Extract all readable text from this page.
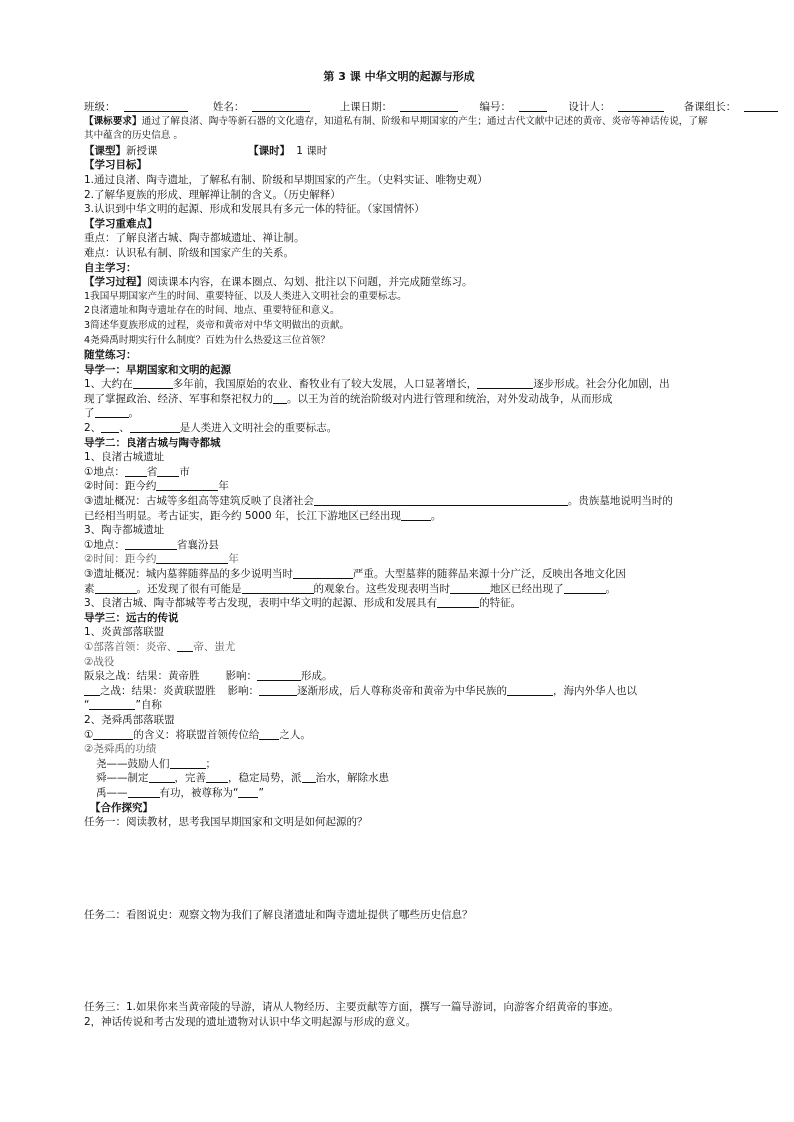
第 3 课 中华文明的起源与形成
班级：	姓名：	上课日期：	编号：	设计人：	备课组长：
【课标要求】通过了解良渚、陶寺等新石器的文化遗存，知道私有制、阶级和早期国家的产生；通过古代文献中记述的黄帝、炎帝等神话传说，了解其中蕴含的历史信息 。
【课型】新授课	【课时】 1 课时
【学习目标】
1.通过良渚、陶寺遗址，了解私有制、阶级和早期国家的产生。（史料实证、唯物史观）
2.了解华夏族的形成、理解禅让制的含义。（历史解释）
3.认识到中华文明的起源、形成和发展具有多元一体的特征。（家国情怀）
【学习重难点】
重点：了解良渚古城、陶寺都城遗址、禅让制。
难点：认识私有制、阶级和国家产生的关系。
自主学习：
【学习过程】阅读课本内容，在课本圈点、勾划、批注以下问题，并完成随堂练习。
1我国早期国家产生的时间、重要特征、以及人类进入文明社会的重要标志。
2良渚遗址和陶寺遗址存在的时间、地点、重要特征和意义。
3简述华夏族形成的过程，炎帝和黄帝对中华文明做出的贡献。
4尧舜禹时期实行什么制度？百姓为什么热爱这三位首领？
随堂练习：
导学一：早期国家和文明的起源
1、大约在	多年前，我国原始的农业、畜牧业有了较大发展，人口显著增长，	逐步形成。社会分化加剧，出
现了掌握政治、经济、军事和祭祀权力的 。以王为首的统治阶级对内进行管理和统治，对外发动战争，从而形成
了	。
2、 、	是人类进入文明社会的重要标志。
导学二：良渚古城与陶寺都城
1、良渚古城遗址
①地点： 省 市
②时间：距今约	年
③遗址概况：古城等多组高等建筑反映了良渚社会	。贵族墓地说明当时的
已经相当明显。考古证实，距今约 5000 年，长江下游地区已经出现	。
3、陶寺都城遗址
①地点：	省襄汾县
②时间：距今约	年
③遗址概况：城内墓葬随葬品的多少说明当时	严重。大型墓葬的随葬品来源十分广泛，反映出各地文化因
素	。还发现了很有可能是	的观象台。这些发现表明当时	地区已经出现了	。
3、良渚古城、陶寺都城等考古发现，表明中华文明的起源、形成和发展具有	的特征。
导学三：远古的传说
1、炎黄部落联盟
①部落首领：炎帝、 帝、蚩尤
②战役
阪泉之战：结果：黄帝胜 影响：	形成。
之战：结果：炎黄联盟胜 影响：	逐渐形成，后人尊称炎帝和黄帝为中华民族的	，海内外华人也以
“	”自称
2、尧舜禹部落联盟
①	的含义：将联盟首领传位给 之人。
②尧舜禹的功绩
尧——鼓励人们	；
舜——制定 ，完善 ，稳定局势，派 治水，解除水患
禹——	有功，被尊称为“ ”
【合作探究】
任务一：阅读教材，思考我国早期国家和文明是如何起源的？
任务二：看图说史：观察文物为我们了解良渚遗址和陶寺遗址提供了哪些历史信息？
任务三：1.如果你来当黄帝陵的导游，请从人物经历、主要贡献等方面，撰写一篇导游词，向游客介绍黄帝的事迹。
2，神话传说和考古发现的遗址遗物对认识中华文明起源与形成的意义。
